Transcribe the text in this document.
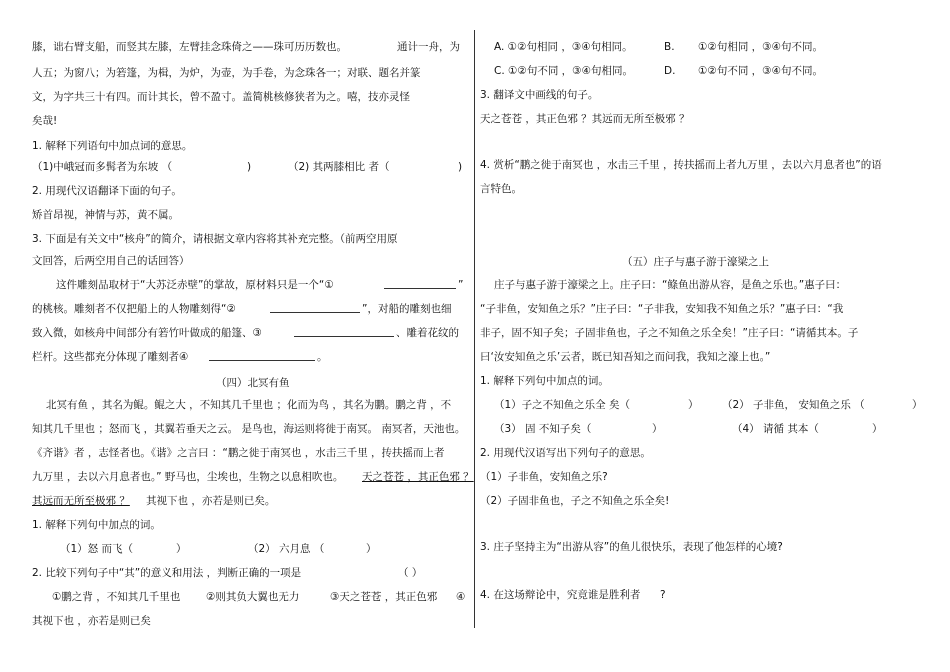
膝，诎右臂支船，而竖其左膝，左臂挂念珠倚之——珠可历历数也。	通计一舟，为
人五；为窗八；为箬篷，为楫，为炉，为壶，为手卷，为念珠各一；对联、题名并篆
文，为字共三十有四。而计其长，曾不盈寸。盖简桃核修狭者为之。嘻，技亦灵怪
矣哉!
1. 解释下列语句中加点词的意思。
（1)中峨冠而多髯者为东坡 （	)	（2) 其两膝相比 者（	)
2. 用现代汉语翻译下面的句子。
矫首昂视，神情与苏，黄不属。
3. 下面是有关文中“核舟”的简介，请根据文章内容将其补充完整。（前两空用原
文回答，后两空用自己的话回答）
这件雕刻品取材于“大苏泛赤壁”的掌故，原材料只是一个“①	”
的桃核。雕刻者不仅把船上的人物雕刻得“②	”，对船的雕刻也细
致入微，如核舟中间部分有箬竹叶做成的船篷、③	、雕着花纹的
栏杆。这些都充分体现了雕刻者④	。
（四）北冥有鱼
北冥有鱼 ，其名为鲲。鲲之大 ，不知其几千里也 ；化而为鸟 ，其名为鹏。鹏之背 ，不
知其几千里也 ；怒而飞 ，其翼若垂天之云。 是鸟也，海运则将徙于南冥。 南冥者，天池也。
《齐谐》者 ，志怪者也。《谐》之言曰 ：“鹏之徙于南冥也 ，水击三千里 ，抟扶摇而上者
九万里 ，去以六月息者也。” 野马也，尘埃也，生物之以息相吹也。 天之苍苍 ，其正色邪 ？
其远而无所至极邪 ？ 其视下也 ，亦若是则已矣。
1. 解释下列句中加点的词。
（1）怒 而飞（	）	（2） 六月息 （	）
2. 比较下列句子中“其”的意义和用法 ，判断正确的一项是	（ ）
①鹏之背 ，不知其几千里也 ②则其负大翼也无力	③天之苍苍 ，其正色邪 ④
其视下也 ，亦若是则已矣
A. ①②句相同 ，③④句相同。	B. ①②句相同 ，③④句不同。
C. ①②句不同 ，③④句相同。	D. ①②句不同 ，③④句不同。
3. 翻译文中画线的句子。
天之苍苍 ，其正色邪 ？其远而无所至极邪 ？
4. 赏析“鹏之徙于南冥也 ，水击三千里 ，抟扶摇而上者九万里 ，去以六月息者也”的语
言特色。
（五）庄子与惠子游于濠梁之上
庄子与惠子游于濠梁之上。庄子曰：“鲦鱼出游从容，是鱼之乐也。”惠子曰：
“子非鱼，安知鱼之乐？”庄子曰：“子非我，安知我不知鱼之乐？”惠子曰：“我
非子，固不知子矣；子固非鱼也，子之不知鱼之乐全矣！”庄子曰：“请循其本。子
曰‘汝安知鱼之乐’云者，既已知吾知之而问我，我知之濠上也。”
1. 解释下列句中加点的词。
（1）子之不知鱼之乐全 矣（	） （2） 子非鱼， 安知鱼之乐 （	）
（3） 固 不知子矣（	）	（4） 请循 其本（	）
2. 用现代汉语写出下列句子的意思。
（1）子非鱼，安知鱼之乐?
（2）子固非鱼也，子之不知鱼之乐全矣!
3. 庄子坚持主为“出游从容”的鱼儿很快乐，表现了他怎样的心境?
4. 在这场辩论中，究竟谁是胜利者 ?
